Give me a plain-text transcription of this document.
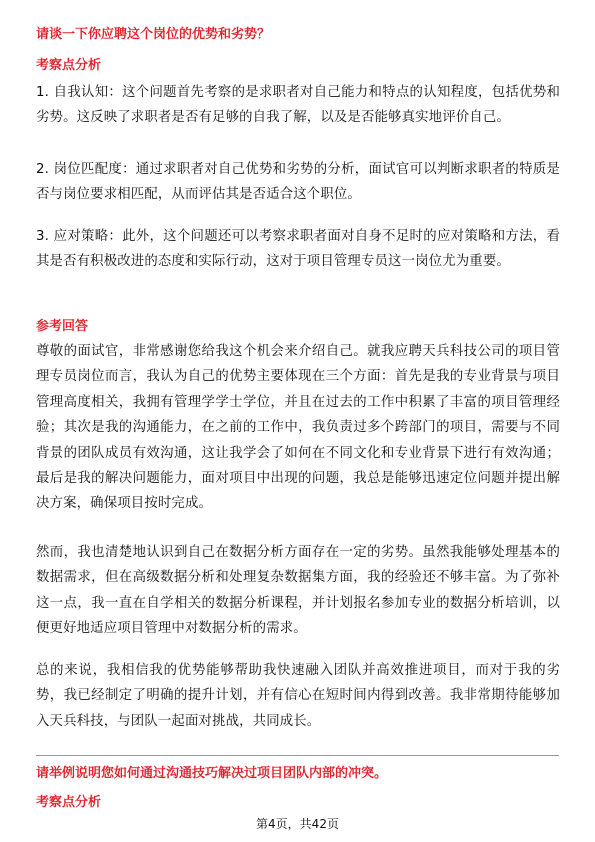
请谈一下你应聘这个岗位的优势和劣势？
考察点分析
1. 自我认知：这个问题首先考察的是求职者对自己能力和特点的认知程度，包括优势和劣势。这反映了求职者是否有足够的自我了解，以及是否能够真实地评价自己。
2. 岗位匹配度：通过求职者对自己优势和劣势的分析，面试官可以判断求职者的特质是否与岗位要求相匹配，从而评估其是否适合这个职位。
3. 应对策略：此外，这个问题还可以考察求职者面对自身不足时的应对策略和方法，看其是否有积极改进的态度和实际行动，这对于项目管理专员这一岗位尤为重要。
参考回答
尊敬的面试官，非常感谢您给我这个机会来介绍自己。就我应聘天兵科技公司的项目管理专员岗位而言，我认为自己的优势主要体现在三个方面：首先是我的专业背景与项目管理高度相关，我拥有管理学学士学位，并且在过去的工作中积累了丰富的项目管理经验；其次是我的沟通能力，在之前的工作中，我负责过多个跨部门的项目，需要与不同背景的团队成员有效沟通，这让我学会了如何在不同文化和专业背景下进行有效沟通；最后是我的解决问题能力，面对项目中出现的问题，我总是能够迅速定位问题并提出解决方案，确保项目按时完成。
然而，我也清楚地认识到自己在数据分析方面存在一定的劣势。虽然我能够处理基本的数据需求，但在高级数据分析和处理复杂数据集方面，我的经验还不够丰富。为了弥补这一点，我一直在自学相关的数据分析课程，并计划报名参加专业的数据分析培训，以便更好地适应项目管理中对数据分析的需求。
总的来说，我相信我的优势能够帮助我快速融入团队并高效推进项目，而对于我的劣势，我已经制定了明确的提升计划，并有信心在短时间内得到改善。我非常期待能够加入天兵科技，与团队一起面对挑战，共同成长。
请举例说明您如何通过沟通技巧解决过项目团队内部的冲突。
考察点分析
第4页，共42页
